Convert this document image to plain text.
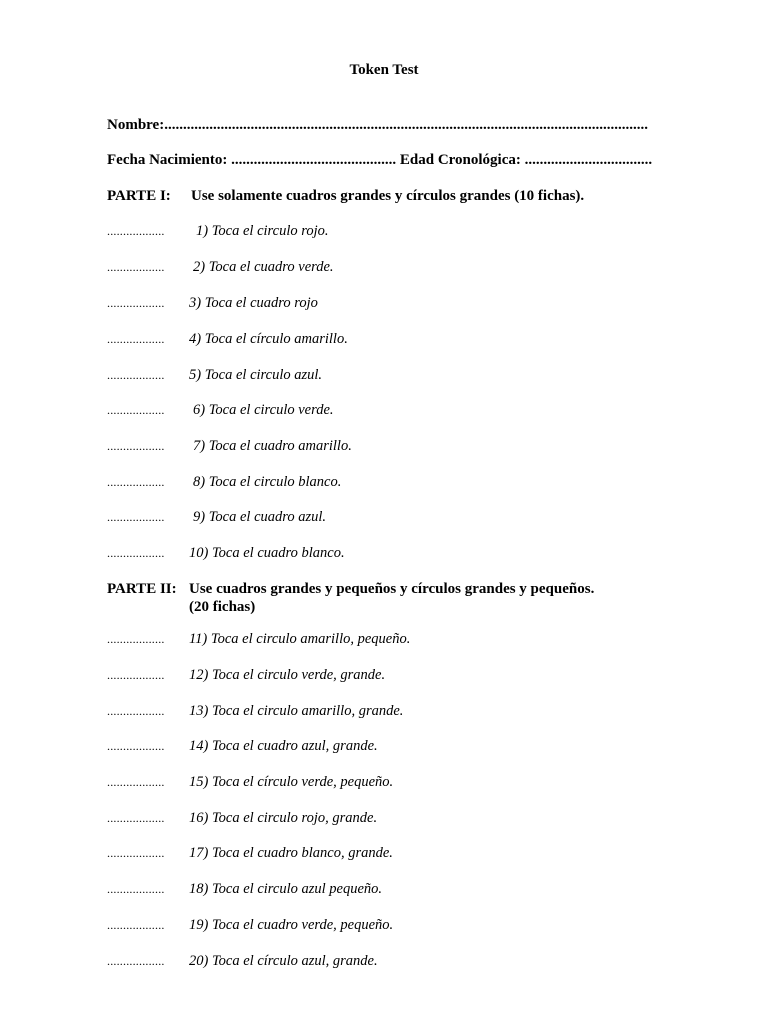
Token Test
Nombre:.................................................................................................................................
Fecha Nacimiento: ............................................ Edad Cronológica: ..................................
PARTE I: Use solamente cuadros grandes y círculos grandes (10 fichas).
.................. 1) Toca el circulo rojo.
.................. 2) Toca el cuadro verde.
.................. 3) Toca el cuadro rojo
.................. 4) Toca el círculo amarillo.
.................. 5) Toca el circulo azul.
.................. 6) Toca el circulo verde.
.................. 7) Toca el cuadro amarillo.
.................. 8) Toca el circulo blanco.
.................. 9) Toca el cuadro azul.
.................. 10) Toca el cuadro blanco.
PARTE II: Use cuadros grandes y pequeños y círculos grandes y pequeños.
(20 fichas)
.................. 11) Toca el circulo amarillo, pequeño.
.................. 12) Toca el circulo verde, grande.
.................. 13) Toca el circulo amarillo, grande.
.................. 14) Toca el cuadro azul, grande.
.................. 15) Toca el círculo verde, pequeño.
.................. 16) Toca el circulo rojo, grande.
.................. 17) Toca el cuadro blanco, grande.
.................. 18) Toca el circulo azul pequeño.
.................. 19) Toca el cuadro verde, pequeño.
.................. 20) Toca el círculo azul, grande.
